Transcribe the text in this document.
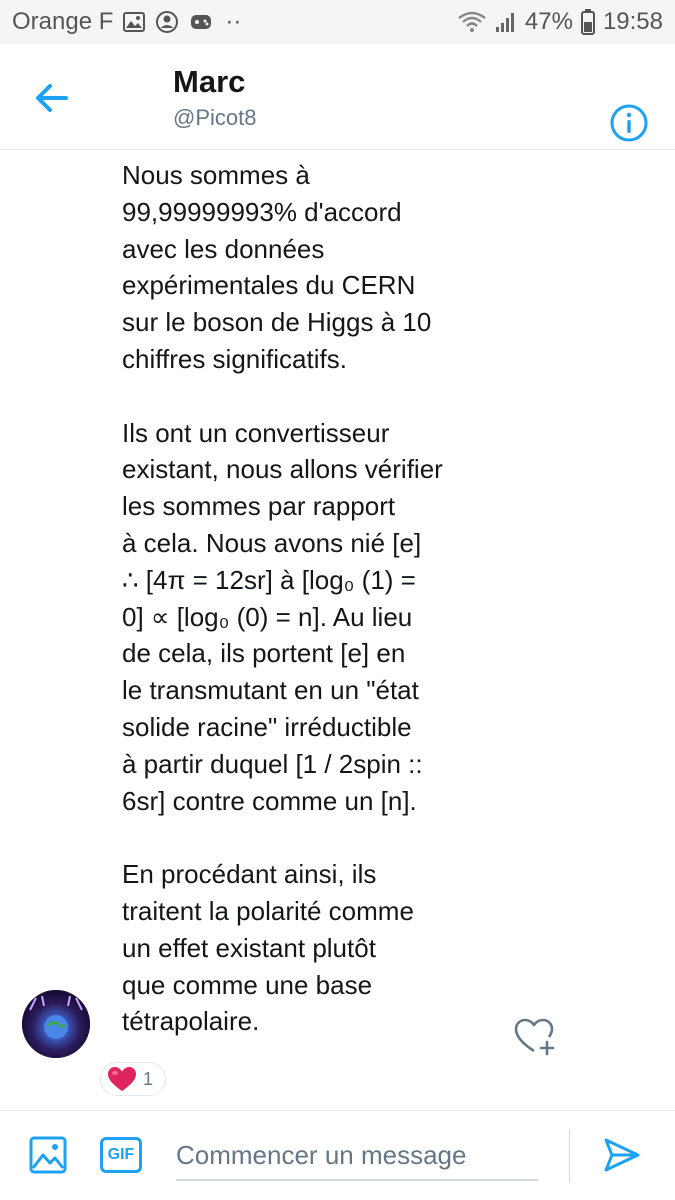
Orange F	··	47% 19:58
Marc
@Picot8

Nous sommes à
99,99999993% d'accord
avec les données
expérimentales du CERN
sur le boson de Higgs à 10
chiffres significatifs.

Ils ont un convertisseur
existant, nous allons vérifier
les sommes par rapport
à cela. Nous avons nié [e]
∴ [4π = 12sr] à [log₀ (1) =
0] ∝ [log₀ (0) = n]. Au lieu
de cela, ils portent [e] en
le transmutant en un "état
solide racine" irréductible
à partir duquel [1 / 2spin ::
6sr] contre comme un [n].

En procédant ainsi, ils
traitent la polarité comme
un effet existant plutôt
que comme une base
tétrapolaire.

1
GIF
Commencer un message
